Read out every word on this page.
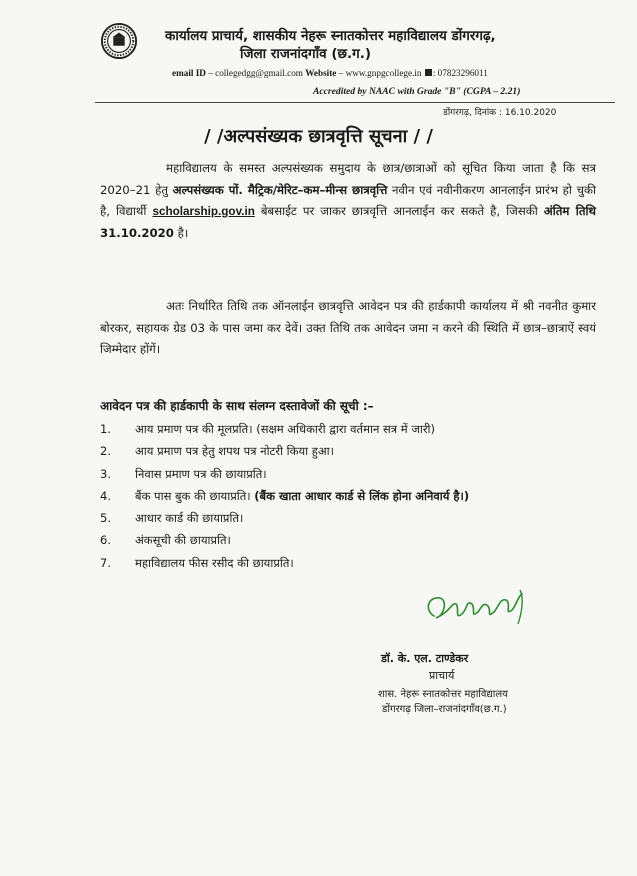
कार्यालय प्राचार्य, शासकीय नेहरू स्नातकोत्तर महाविद्यालय डोंगरगढ़,
जिला राजनांदगाँव (छ.ग.)
email ID – collegedgg@gmail.com Website – www.gnpgcollege.in : 07823296011
Accredited by NAAC with Grade "B" (CGPA – 2.21)
डोंगरगढ़, दिनांक : 16.10.2020
/ /अल्पसंख्यक छात्रवृत्ति सूचना / /
महाविद्यालय के समस्त अल्पसंख्यक समुदाय के छात्र/छात्राओं को सूचित किया जाता है कि सत्र 2020–21 हेतु अल्पसंख्यक पों. मैट्रिक/मेरिट–कम–मीन्स छात्रवृत्ति नवीन एवं नवीनीकरण आनलाईन प्रारंभ हो चुकी है, विद्यार्थी scholarship.gov.in बेबसाईट पर जाकर छात्रवृत्ति आनलाईन कर सकते है, जिसकी अंतिम तिथि 31.10.2020 है।
अतः निर्धारित तिथि तक ऑनलाईन छात्रवृत्ति आवेदन पत्र की हार्डकापी कार्यालय में श्री नवनीत कुमार बोरकर, सहायक ग्रेड 03 के पास जमा कर देवें। उक्त तिथि तक आवेदन जमा न करने की स्थिति में छात्र–छात्राऐं स्वयं जिम्मेदार होंगें।
आवेदन पत्र की हार्डकापी के साथ संलग्न दस्तावेजों की सूची :–
1.	आय प्रमाण पत्र की मूलप्रति। (सक्षम अधिकारी द्वारा वर्तमान सत्र में जारी)
2.	आय प्रमाण पत्र हेतु शपथ पत्र नोटरी किया हुआ।
3.	निवास प्रमाण पत्र की छायाप्रति।
4.	बैंक पास बुक की छायाप्रति। (बैंक खाता आधार कार्ड से लिंक होना अनिवार्य है।)
5.	आधार कार्ड की छायाप्रति।
6.	अंकसूची की छायाप्रति।
7.	महाविद्यालय फीस रसीद की छायाप्रति।
डॉ. के. एल. टाण्डेकर
प्राचार्य
शास. नेहरू स्नातकोत्तर महाविद्यालय
डोंगरगढ़ जिला–राजनांदगाँव(छ.ग.)
